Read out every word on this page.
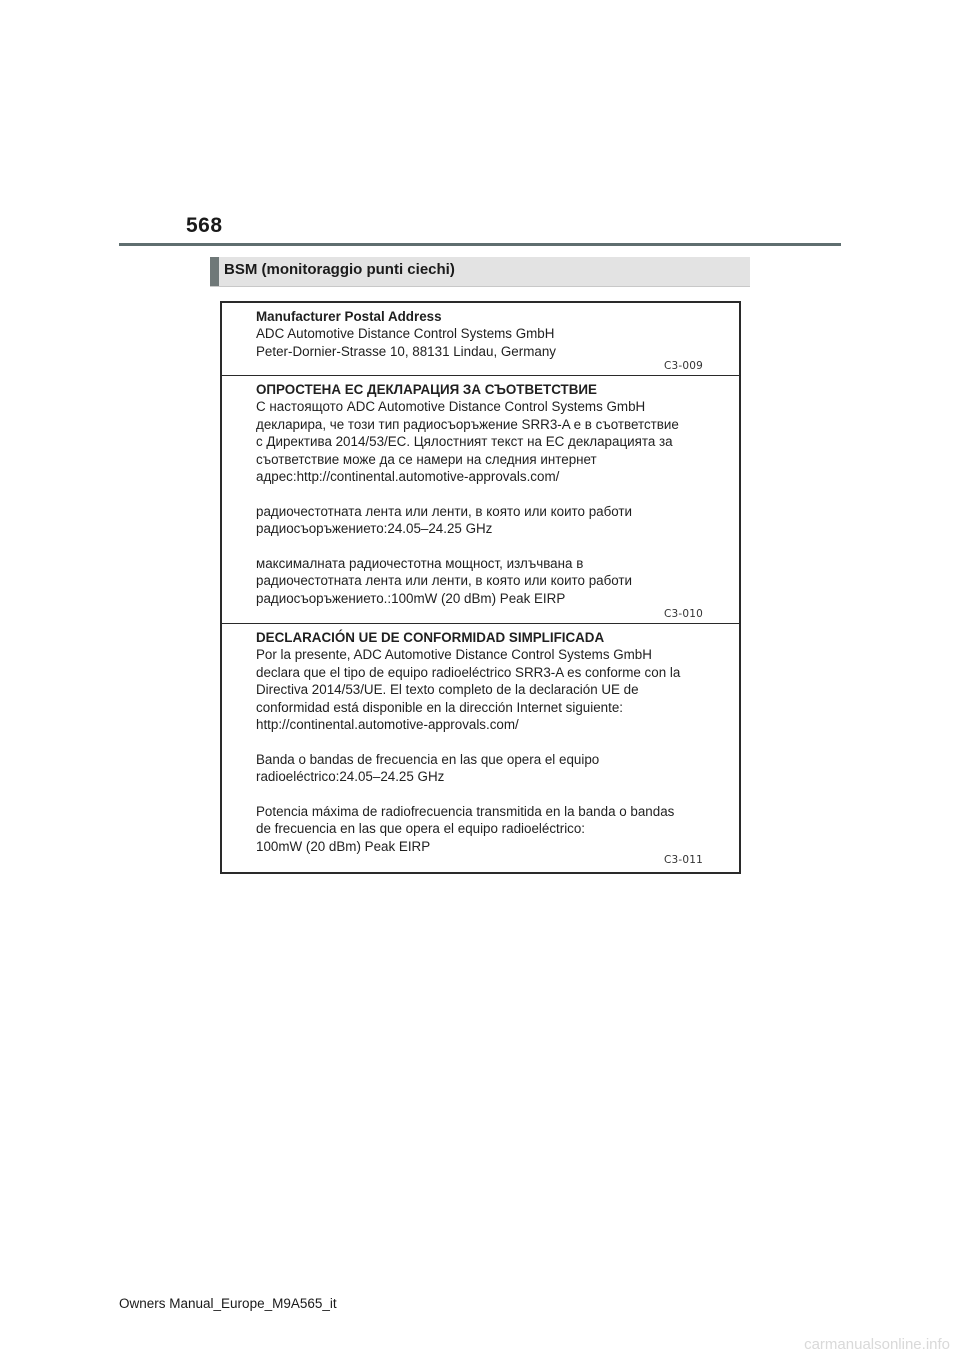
568
BSM (monitoraggio punti ciechi)

Manufacturer Postal Address

ADC Automotive Distance Control Systems GmbH

Peter-Dornier-Strasse 10, 88131 Lindau, Germany

C3-009

ОПРОСТЕНА ЕС ДЕКЛАРАЦИЯ ЗА СЪОТВЕТСТВИЕ

С настоящото ADC Automotive Distance Control Systems GmbH

декларира, че този тип радиосъоръжение SRR3-A е в съответствие

с Директива 2014/53/ЕС. Цялостният текст на ЕС декларацията за

съответствие може да се намери на следния интернет

адрес:http://continental.automotive-approvals.com/

радиочестотната лента или ленти, в която или които работи

радиосъоръжението:24.05–24.25 GHz

максималната радиочестотна мощност, излъчвана в

радиочестотната лента или ленти, в която или които работи

радиосъоръжението.:100mW (20 dBm) Peak EIRP

C3-010

DECLARACIÓN UE DE CONFORMIDAD SIMPLIFICADA

Por la presente, ADC Automotive Distance Control Systems GmbH

declara que el tipo de equipo radioeléctrico SRR3-A es conforme con la

Directiva 2014/53/UE. El texto completo de la declaración UE de

conformidad está disponible en la dirección Internet siguiente:

http://continental.automotive-approvals.com/

Banda o bandas de frecuencia en las que opera el equipo

radioeléctrico:24.05–24.25 GHz

Potencia máxima de radiofrecuencia transmitida en la banda o bandas

de frecuencia en las que opera el equipo radioeléctrico:

100mW (20 dBm) Peak EIRP

C3-011
Owners Manual_Europe_M9A565_it
carmanualsonline.info
